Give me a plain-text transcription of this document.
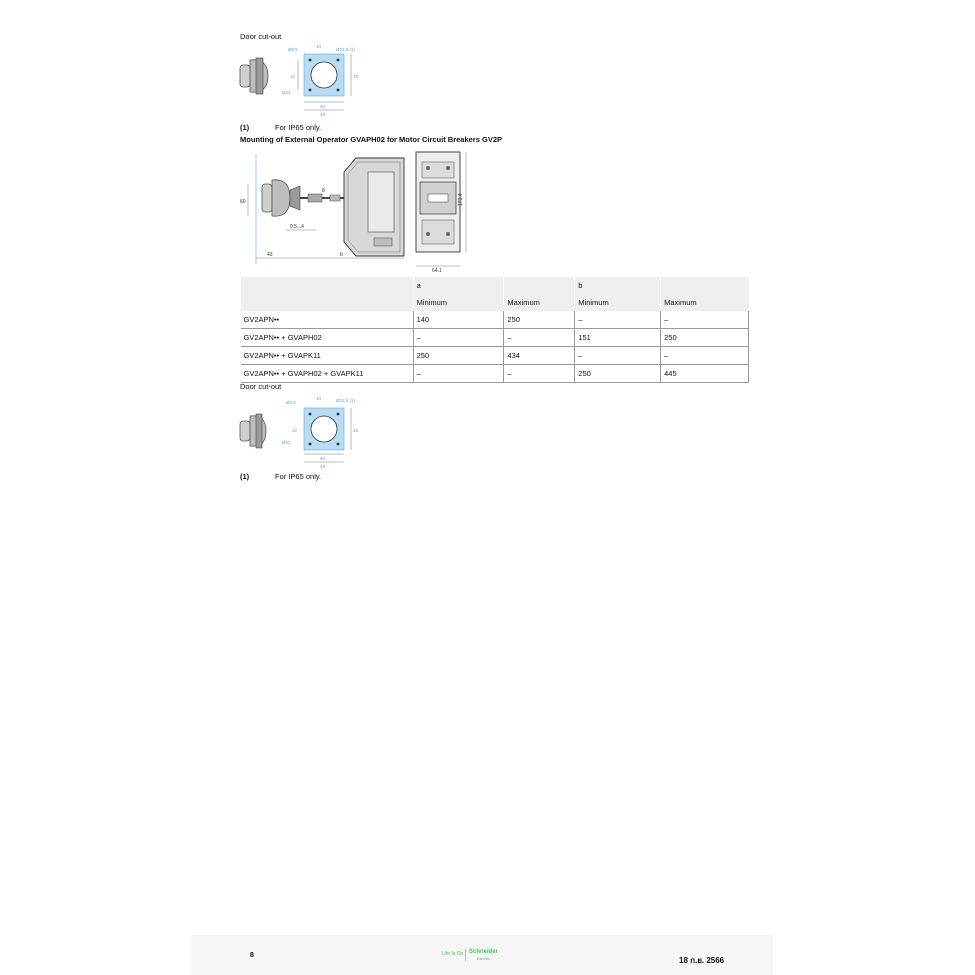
Door cut-out
Ø9.5
10
Ø22.5 (1)
Ø22
40
48
48
12
(1)	For IP65 only.
Mounting of External Operator GVAPH02 for Motor Circuit Breakers GV2P
60
0.5...4
43	b
8
64.1
173.4
	a		b	
	Minimum	Maximum	Minimum	Maximum
GV2APN••	140	250	–	–
GV2APN•• + GVAPH02	–	–	151	250
GV2APN•• + GVAPK11	250	434	–	–
GV2APN•• + GVAPH02 + GVAPK11	–	–	250	445
Door cut-out
Ø3.5
10	Ø22.5 (1)
Ø22
40
48
48
12
(1)	For IP65 only.
8	Life Is On Schneider
Electric	18 ก.ย. 2566
